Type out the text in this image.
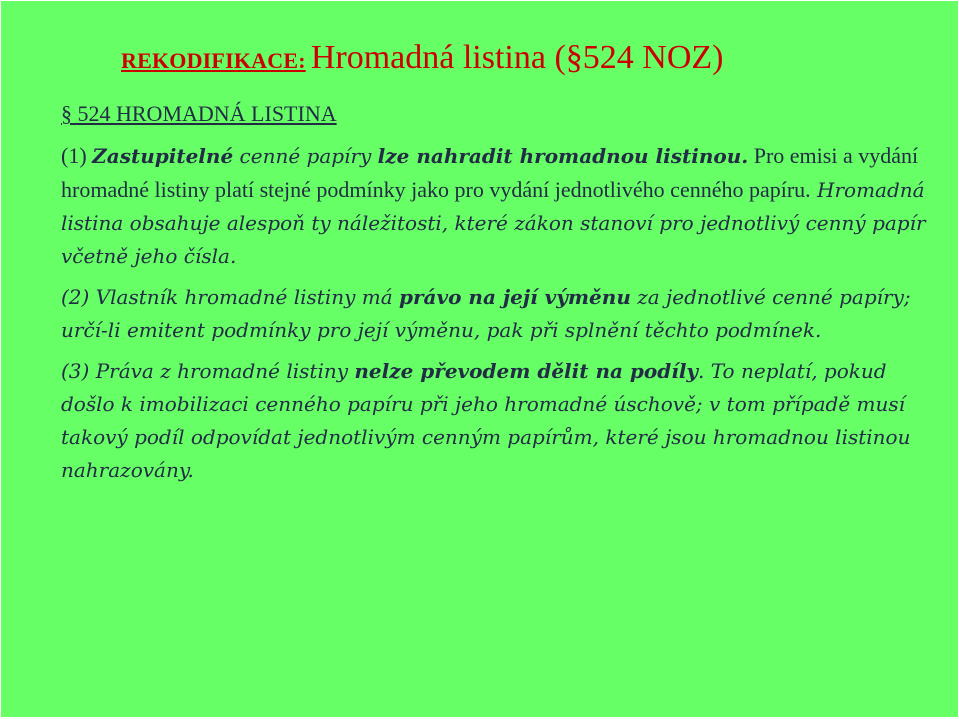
REKODIFIKACE: Hromadná listina (§524 NOZ)
§ 524 HROMADNÁ LISTINA
(1) Zastupitelné cenné papíry lze nahradit hromadnou listinou. Pro emisi a vydání hromadné listiny platí stejné podmínky jako pro vydání jednotlivého cenného papíru. Hromadná listina obsahuje alespoň ty náležitosti, které zákon stanoví pro jednotlivý cenný papír včetně jeho čísla.
(2) Vlastník hromadné listiny má právo na její výměnu za jednotlivé cenné papíry; určí-li emitent podmínky pro její výměnu, pak při splnění těchto podmínek.
(3) Práva z hromadné listiny nelze převodem dělit na podíly. To neplatí, pokud došlo k imobilizaci cenného papíru při jeho hromadné úschově; v tom případě musí takový podíl odpovídat jednotlivým cenným papírům, které jsou hromadnou listinou nahrazovány.
